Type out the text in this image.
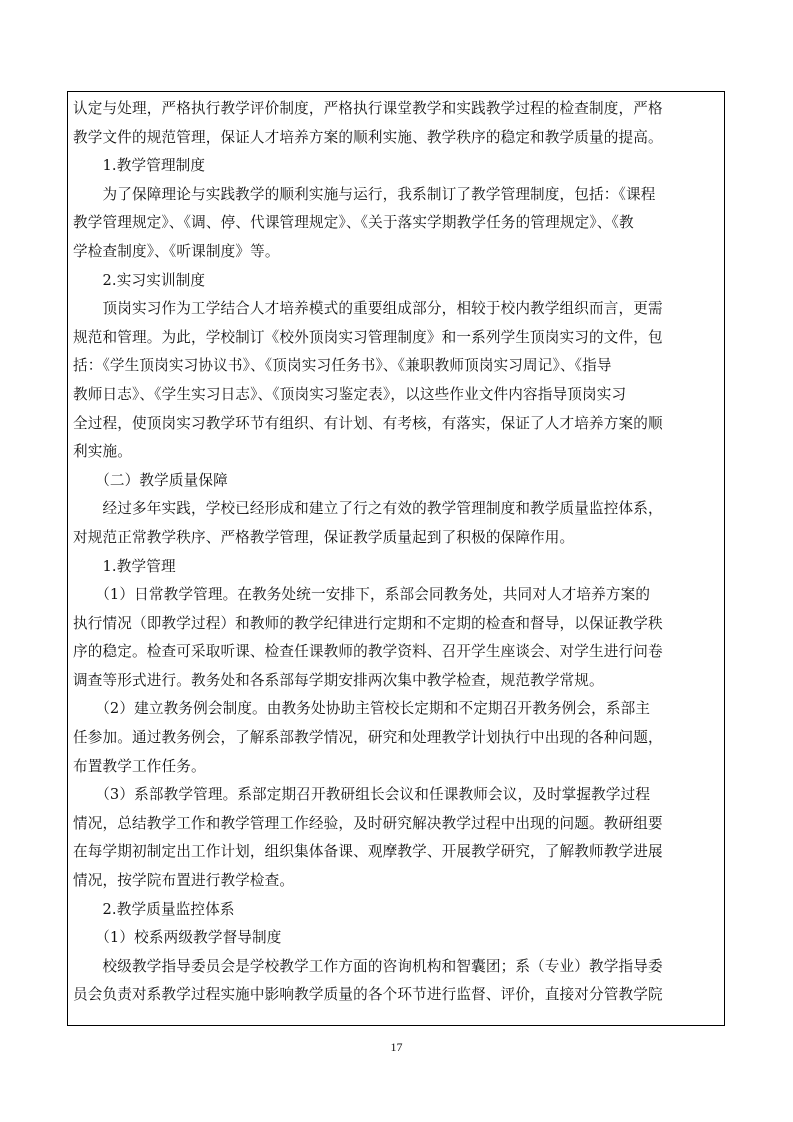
认定与处理，严格执行教学评价制度，严格执行课堂教学和实践教学过程的检查制度，严格
教学文件的规范管理，保证人才培养方案的顺利实施、教学秩序的稳定和教学质量的提高。
　　1.教学管理制度
　　为了保障理论与实践教学的顺利实施与运行，我系制订了教学管理制度，包括：《课程
教学管理规定》、《调、停、代课管理规定》、《关于落实学期教学任务的管理规定》、《教
学检查制度》、《听课制度》等。
　　2.实习实训制度
　　顶岗实习作为工学结合人才培养模式的重要组成部分，相较于校内教学组织而言，更需
规范和管理。为此，学校制订《校外顶岗实习管理制度》和一系列学生顶岗实习的文件，包
括：《学生顶岗实习协议书》、《顶岗实习任务书》、《兼职教师顶岗实习周记》、《指导
教师日志》、《学生实习日志》、《顶岗实习鉴定表》，以这些作业文件内容指导顶岗实习
全过程，使顶岗实习教学环节有组织、有计划、有考核，有落实，保证了人才培养方案的顺
利实施。
　　（二）教学质量保障
　　经过多年实践，学校已经形成和建立了行之有效的教学管理制度和教学质量监控体系，
对规范正常教学秩序、严格教学管理，保证教学质量起到了积极的保障作用。
　　1.教学管理
　　（1）日常教学管理。在教务处统一安排下，系部会同教务处，共同对人才培养方案的
执行情况（即教学过程）和教师的教学纪律进行定期和不定期的检查和督导，以保证教学秩
序的稳定。检查可采取听课、检查任课教师的教学资料、召开学生座谈会、对学生进行问卷
调查等形式进行。教务处和各系部每学期安排两次集中教学检查，规范教学常规。
　　（2）建立教务例会制度。由教务处协助主管校长定期和不定期召开教务例会，系部主
任参加。通过教务例会，了解系部教学情况，研究和处理教学计划执行中出现的各种问题，
布置教学工作任务。
　　（3）系部教学管理。系部定期召开教研组长会议和任课教师会议，及时掌握教学过程
情况，总结教学工作和教学管理工作经验，及时研究解决教学过程中出现的问题。教研组要
在每学期初制定出工作计划，组织集体备课、观摩教学、开展教学研究，了解教师教学进展
情况，按学院布置进行教学检查。
　　2.教学质量监控体系
　　（1）校系两级教学督导制度
　　校级教学指导委员会是学校教学工作方面的咨询机构和智囊团；系（专业）教学指导委
员会负责对系教学过程实施中影响教学质量的各个环节进行监督、评价，直接对分管教学院
17
